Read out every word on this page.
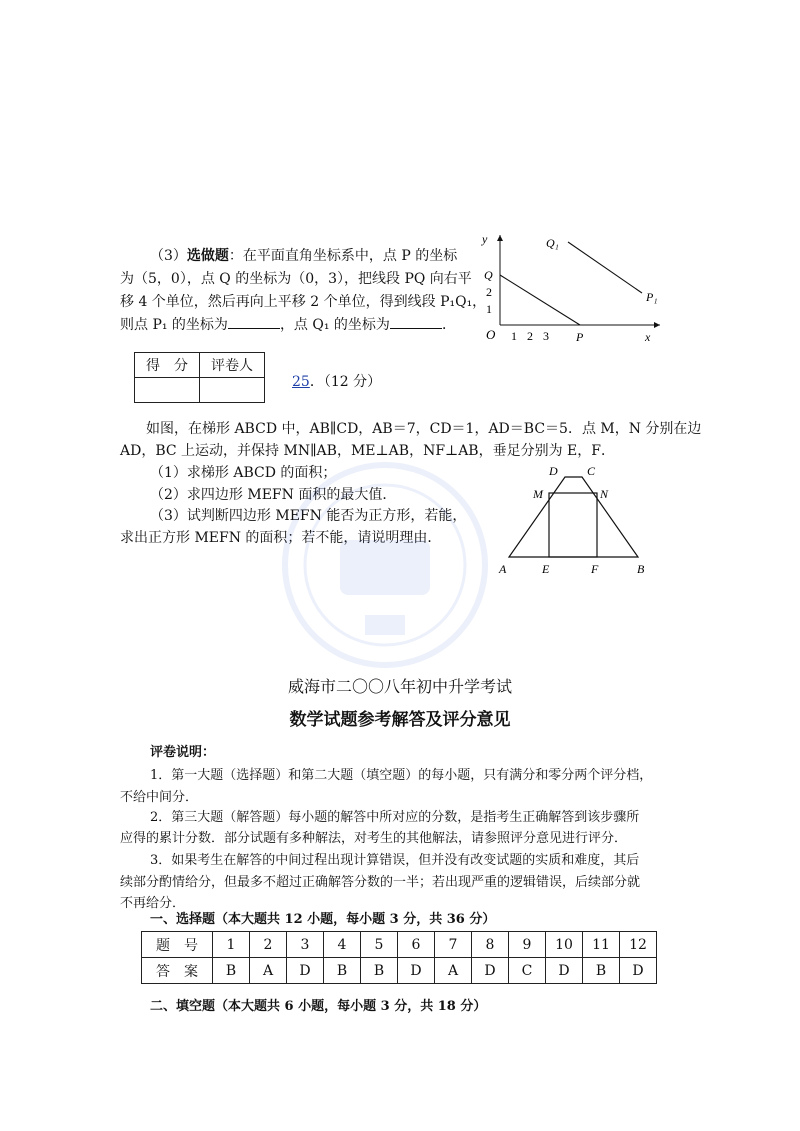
（3）选做题：在平面直角坐标系中，点 P 的坐标
为（5，0），点 Q 的坐标为（0，3），把线段 PQ 向右平
移 4 个单位，然后再向上平移 2 个单位，得到线段 P₁Q₁，
则点 P₁ 的坐标为	，点 Q₁ 的坐标为	．
y
x
O 1 2 3
1
2
Q
P
Q₁
P₁
得　分	评卷人

25．（12 分）
如图，在梯形 ABCD 中，AB∥CD，AB＝7，CD＝1，AD＝BC＝5．点 M，N 分别在边
AD，BC 上运动，并保持 MN∥AB，ME⊥AB，NF⊥AB，垂足分别为 E，F．
（1）求梯形 ABCD 的面积；
（2）求四边形 MEFN 面积的最大值．
（3）试判断四边形 MEFN 能否为正方形，若能，
求出正方形 MEFN 的面积；若不能，请说明理由．
D C
M	N
A	E	F	B
威海市二〇〇八年初中升学考试
数学试题参考解答及评分意见
评卷说明：
1．第一大题（选择题）和第二大题（填空题）的每小题，只有满分和零分两个评分档，
不给中间分．
2．第三大题（解答题）每小题的解答中所对应的分数，是指考生正确解答到该步骤所
应得的累计分数．部分试题有多种解法，对考生的其他解法，请参照评分意见进行评分．
3．如果考生在解答的中间过程出现计算错误，但并没有改变试题的实质和难度，其后
续部分酌情给分，但最多不超过正确解答分数的一半；若出现严重的逻辑错误，后续部分就
不再给分．
一、选择题（本大题共 12 小题，每小题 3 分，共 36 分）
题　号	1	2	3	4	5	6	7	8	9	10	11	12
答　案	B	A	D	B	B	D	A	D	C	D	B	D
二、填空题（本大题共 6 小题，每小题 3 分，共 18 分）
